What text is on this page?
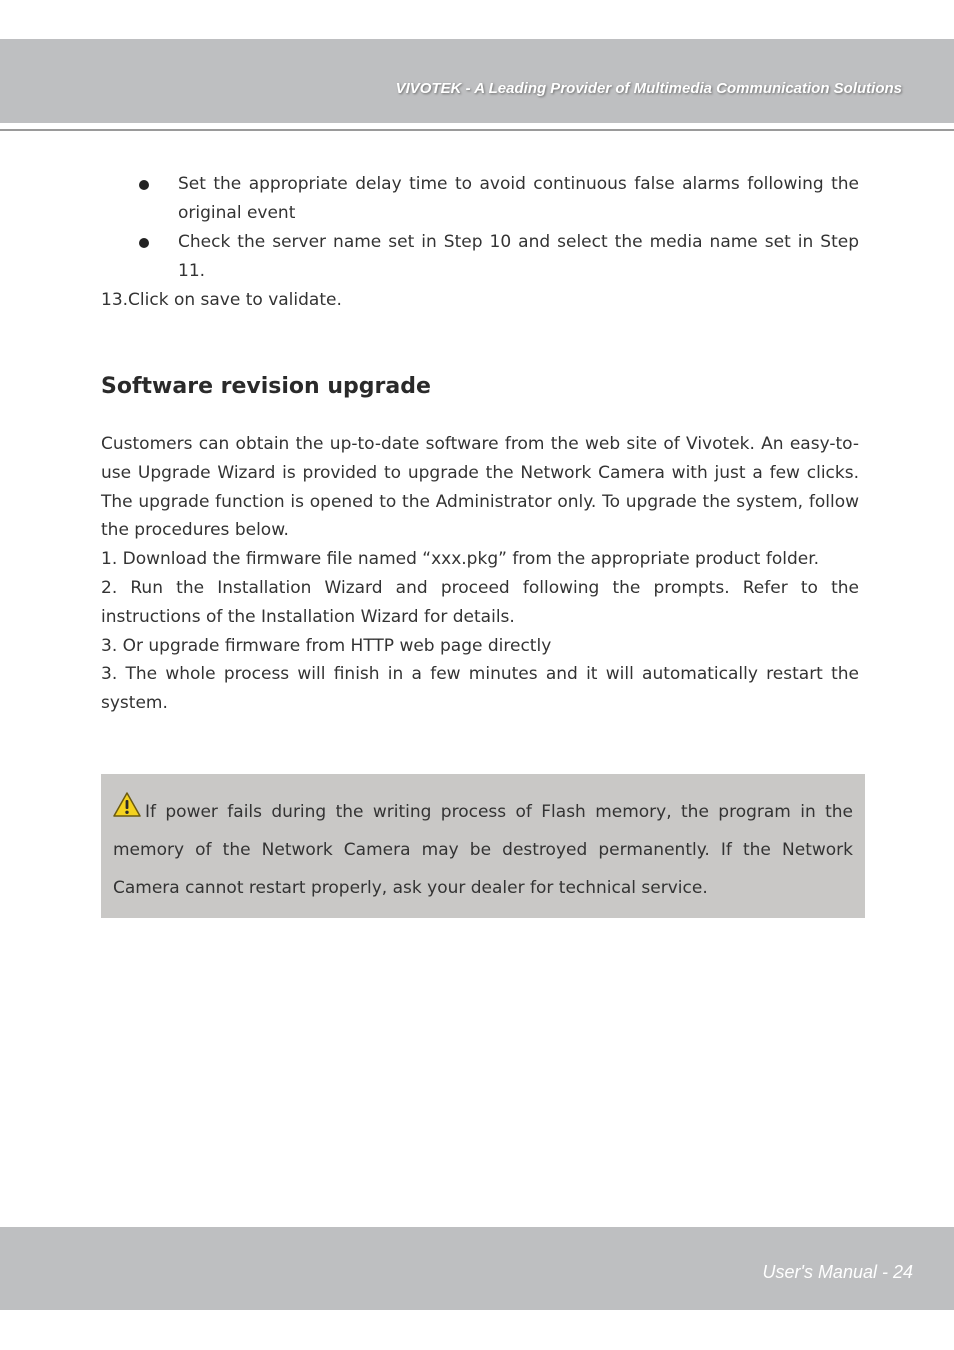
VIVOTEK - A Leading Provider of Multimedia Communication Solutions
Set the appropriate delay time to avoid continuous false alarms following the original event
Check the server name set in Step 10 and select the media name set in Step 11.

13.Click on save to validate.

Software revision upgrade

Customers can obtain the up-to-date software from the web site of Vivotek. An easy-to-use Upgrade Wizard is provided to upgrade the Network Camera with just a few clicks. The upgrade function is opened to the Administrator only. To upgrade the system, follow the procedures below.

1. Download the firmware file named “xxx.pkg” from the appropriate product folder.

2. Run the Installation Wizard and proceed following the prompts. Refer to the instructions of the Installation Wizard for details.

3. Or upgrade firmware from HTTP web page directly

3. The whole process will finish in a few minutes and it will automatically restart the system.

If power fails during the writing process of Flash memory, the program in the memory of the Network Camera may be destroyed permanently. If the Network Camera cannot restart properly, ask your dealer for technical service.

User's Manual - 24
